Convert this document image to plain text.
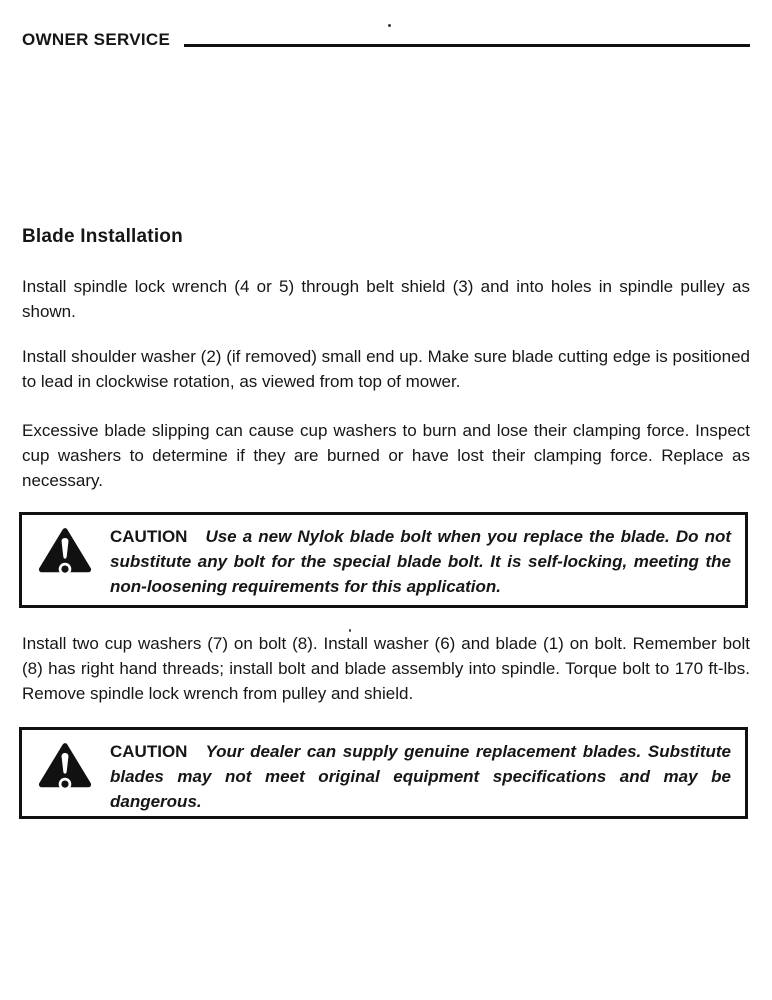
OWNER SERVICE
Blade Installation

Install spindle lock wrench (4 or 5) through belt shield (3) and into holes in spindle pulley as shown.

Install shoulder washer (2) (if removed) small end up. Make sure blade cutting edge is positioned to lead in clockwise rotation, as viewed from top of mower.

Excessive blade slipping can cause cup washers to burn and lose their clamping force. Inspect cup washers to determine if they are burned or have lost their clamping force. Replace as necessary.

CAUTION Use a new Nylok blade bolt when you replace the blade. Do not substitute any bolt for the special blade bolt. It is self-locking, meeting the non-loosening requirements for this application.

Install two cup washers (7) on bolt (8). Install washer (6) and blade (1) on bolt. Remember bolt (8) has right hand threads; install bolt and blade assembly into spindle. Torque bolt to 170 ft-lbs. Remove spindle lock wrench from pulley and shield.

CAUTION Your dealer can supply genuine replacement blades. Substitute blades may not meet original equipment specifications and may be dangerous.
